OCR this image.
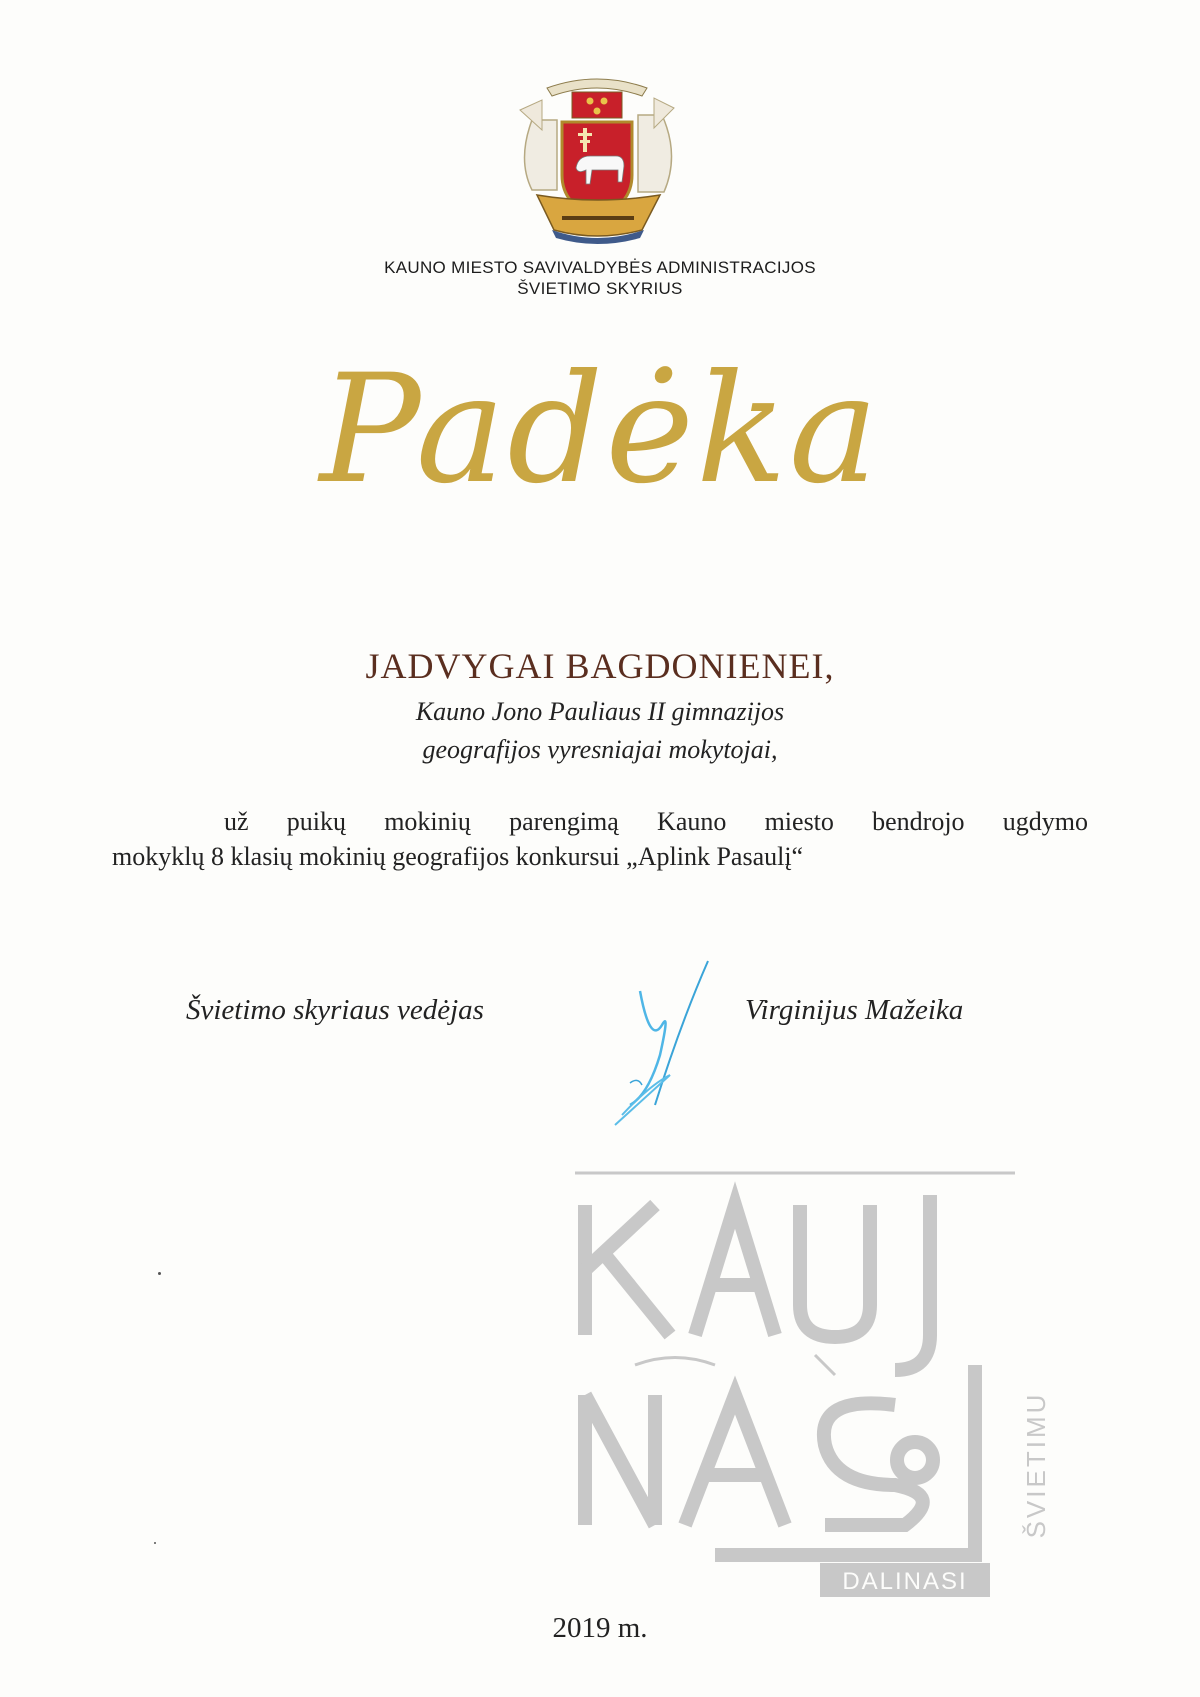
KAUNO MIESTO SAVIVALDYBĖS ADMINISTRACIJOS
ŠVIETIMO SKYRIUS
Padėka
JADVYGAI BAGDONIENEI,
Kauno Jono Pauliaus II gimnazijos
geografijos vyresniajai mokytojai,
už puikų mokinių parengimą Kauno miesto bendrojo ugdymo
mokyklų 8 klasių mokinių geografijos konkursui „Aplink Pasaulį“
Švietimo skyriaus vedėjas	Virginijus Mažeika
DALINASI
ŠVIETIMU
2019 m.
